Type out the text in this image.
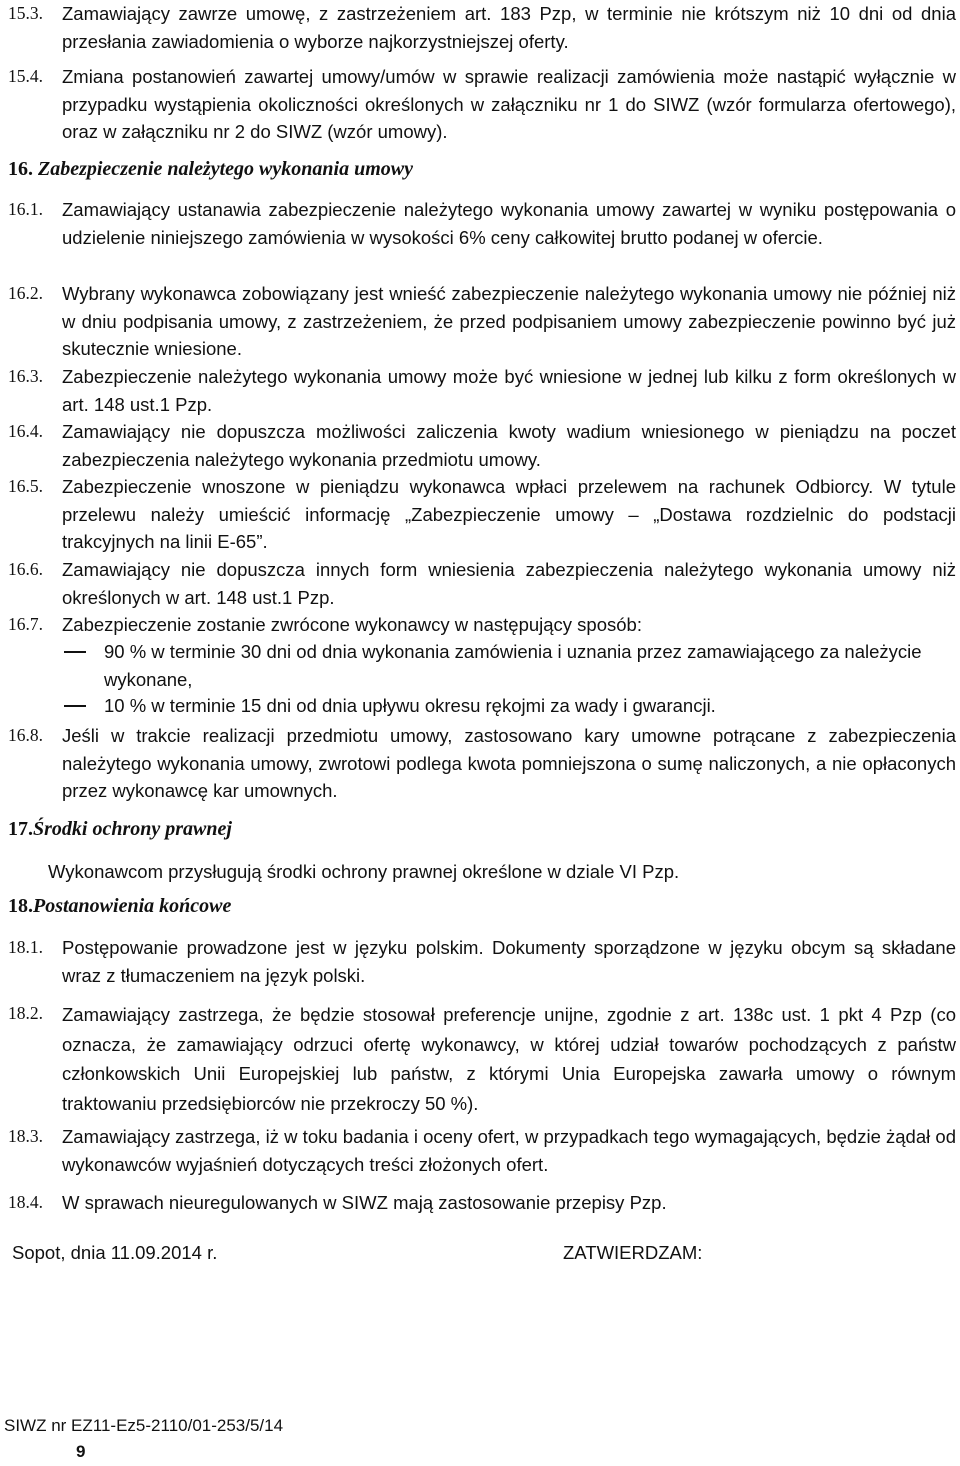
15.3. Zamawiający zawrze umowę, z zastrzeżeniem art. 183 Pzp, w terminie nie krótszym niż 10 dni od dnia przesłania zawiadomienia o wyborze najkorzystniejszej oferty.
15.4. Zmiana postanowień zawartej umowy/umów w sprawie realizacji zamówienia może nastąpić wyłącznie w przypadku wystąpienia okoliczności określonych w załączniku nr 1 do SIWZ (wzór formularza ofertowego), oraz w załączniku nr 2 do SIWZ (wzór umowy).
16. Zabezpieczenie należytego wykonania umowy
16.1. Zamawiający ustanawia zabezpieczenie należytego wykonania umowy zawartej w wyniku postępowania o udzielenie niniejszego zamówienia w wysokości 6% ceny całkowitej brutto podanej w ofercie.
16.2. Wybrany wykonawca zobowiązany jest wnieść zabezpieczenie należytego wykonania umowy nie później niż w dniu podpisania umowy, z zastrzeżeniem, że przed podpisaniem umowy zabezpieczenie powinno być już skutecznie wniesione.
16.3. Zabezpieczenie należytego wykonania umowy może być wniesione w jednej lub kilku z form określonych w art. 148 ust.1 Pzp.
16.4. Zamawiający nie dopuszcza możliwości zaliczenia kwoty wadium wniesionego w pieniądzu na poczet zabezpieczenia należytego wykonania przedmiotu umowy.
16.5. Zabezpieczenie wnoszone w pieniądzu wykonawca wpłaci przelewem na rachunek Odbiorcy. W tytule przelewu należy umieścić informację „Zabezpieczenie umowy – „Dostawa rozdzielnic do podstacji trakcyjnych na linii E-65”.
16.6. Zamawiający nie dopuszcza innych form wniesienia zabezpieczenia należytego wykonania umowy niż określonych w art. 148 ust.1 Pzp.
16.7. Zabezpieczenie zostanie zwrócone wykonawcy w następujący sposób:
90 % w terminie 30 dni od dnia wykonania zamówienia i uznania przez zamawiającego za należycie wykonane,
10 % w terminie 15 dni od dnia upływu okresu rękojmi za wady i gwarancji.
16.8. Jeśli w trakcie realizacji przedmiotu umowy, zastosowano kary umowne potrącane z zabezpieczenia należytego wykonania umowy, zwrotowi podlega kwota pomniejszona o sumę naliczonych, a nie opłaconych przez wykonawcę kar umownych.
17.Środki ochrony prawnej
Wykonawcom przysługują środki ochrony prawnej określone w dziale VI Pzp.
18.Postanowienia końcowe
18.1. Postępowanie prowadzone jest w języku polskim. Dokumenty sporządzone w języku obcym są składane wraz z tłumaczeniem na język polski.
18.2. Zamawiający zastrzega, że będzie stosował preferencje unijne, zgodnie z art. 138c ust. 1 pkt 4 Pzp (co oznacza, że zamawiający odrzuci ofertę wykonawcy, w której udział towarów pochodzących z państw członkowskich Unii Europejskiej lub państw, z którymi Unia Europejska zawarła umowy o równym traktowaniu przedsiębiorców nie przekroczy 50 %).
18.3. Zamawiający zastrzega, iż w toku badania i oceny ofert, w przypadkach tego wymagających, będzie żądał od wykonawców wyjaśnień dotyczących treści złożonych ofert.
18.4. W sprawach nieuregulowanych w SIWZ mają zastosowanie przepisy Pzp.
Sopot, dnia 11.09.2014 r.	ZATWIERDZAM:
SIWZ nr EZ11-Ez5-2110/01-253/5/14
9
